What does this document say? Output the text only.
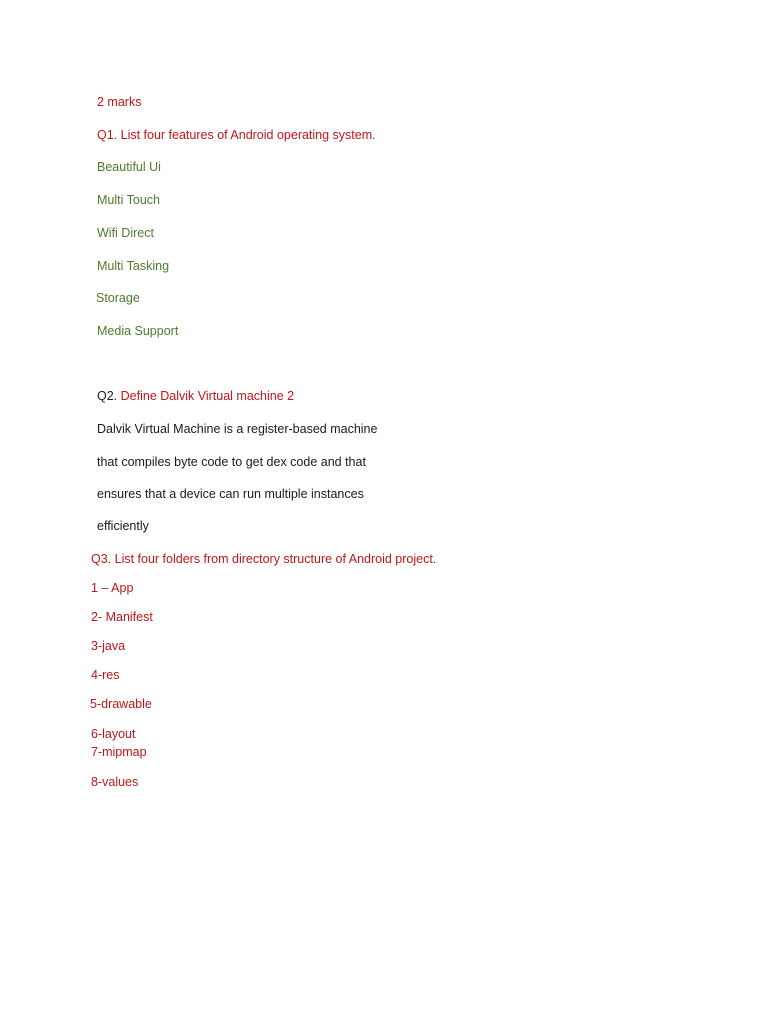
2 marks
Q1. List four features of Android operating system.
Beautiful Ui
Multi Touch
Wifi Direct
Multi Tasking
Storage
Media Support
Q2. Define Dalvik Virtual machine 2
Dalvik Virtual Machine is a register-based machine
that compiles byte code to get dex code and that
ensures that a device can run multiple instances
efficiently
Q3. List four folders from directory structure of Android project.
1 – App
2- Manifest
3-java
4-res
5-drawable
6-layout
7-mipmap
8-values
